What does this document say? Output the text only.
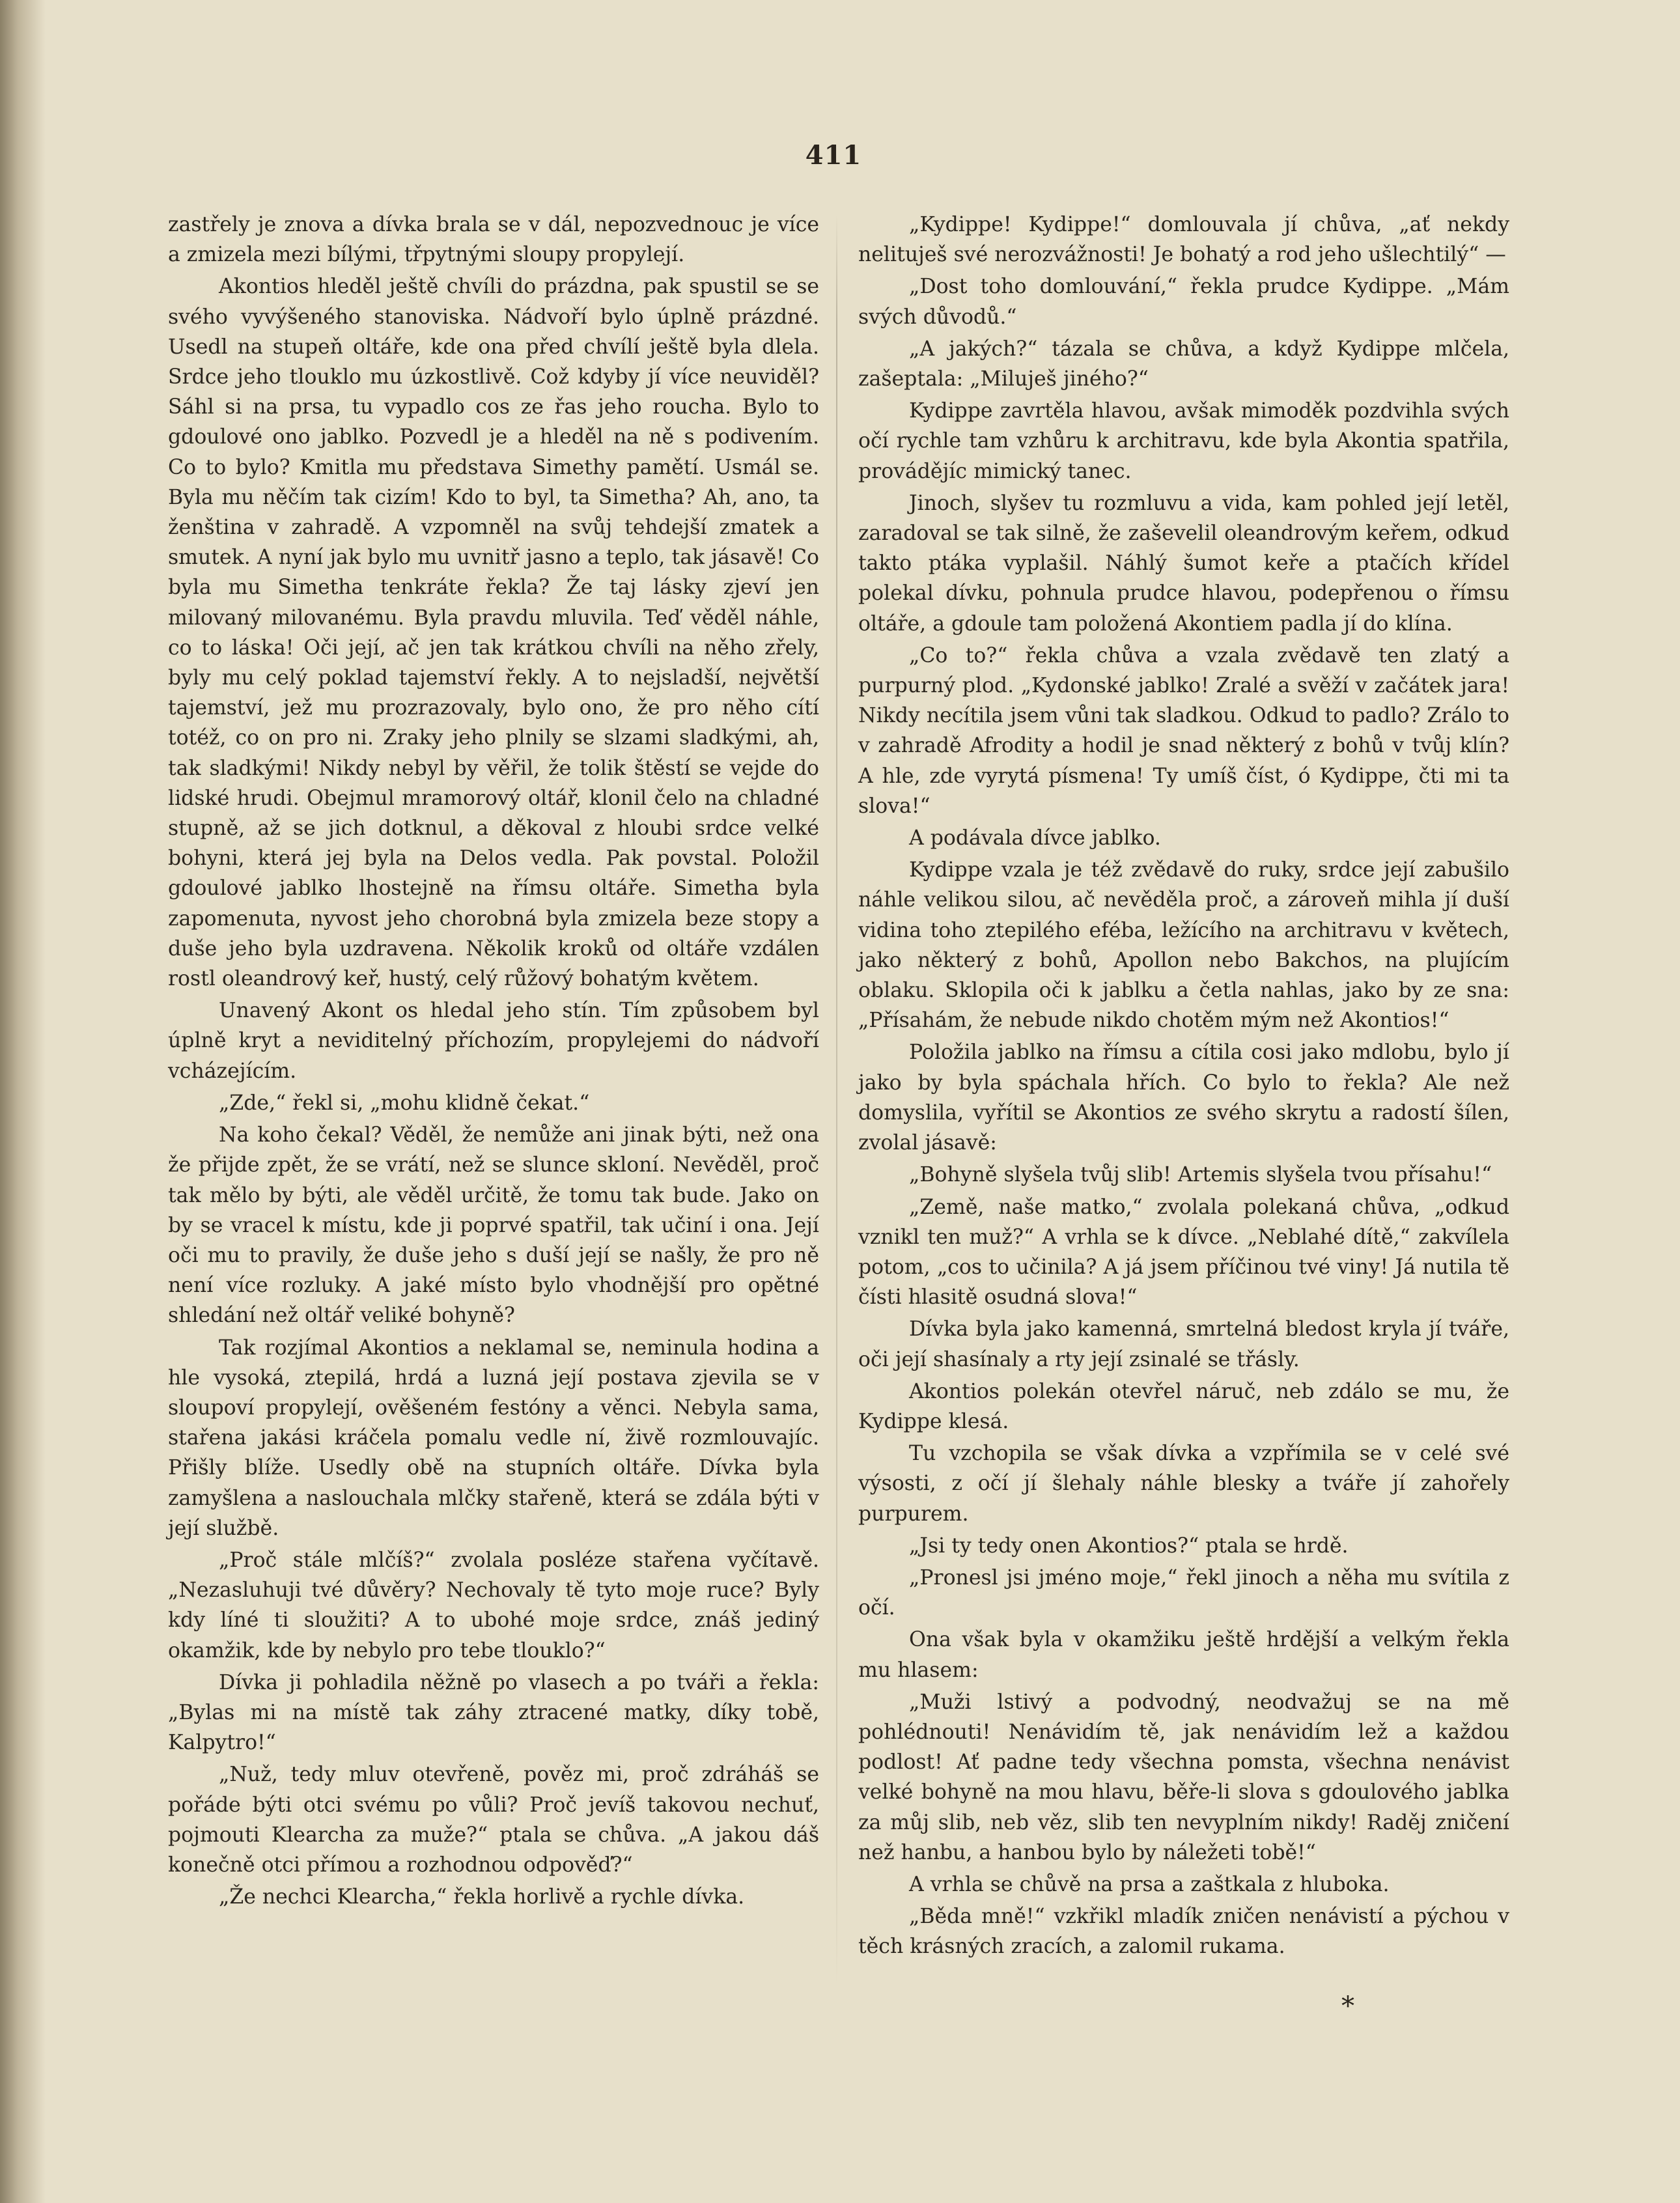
411

zastřely je znova a dívka brala se v dál, nepozvednouc je více a zmizela mezi bílými, třpytnými sloupy propylejí.

Akontios hleděl ještě chvíli do prázdna, pak spustil se se svého vyvýšeného stanoviska. Nádvoří bylo úplně prázdné. Usedl na stupeň oltáře, kde ona před chvílí ještě byla dlela. Srdce jeho tlouklo mu úzkostlivě. Což kdyby jí více neuviděl? Sáhl si na prsa, tu vypadlo cos ze řas jeho roucha. Bylo to gdoulové ono jablko. Pozvedl je a hleděl na ně s podivením. Co to bylo? Kmitla mu představa Simethy pamětí. Usmál se. Byla mu něčím tak cizím! Kdo to byl, ta Simetha? Ah, ano, ta ženština v zahradě. A vzpomněl na svůj tehdejší zmatek a smutek. A nyní jak bylo mu uvnitř jasno a teplo, tak jásavě! Co byla mu Simetha tenkráte řekla? Že taj lásky zjeví jen milovaný milovanému. Byla pravdu mluvila. Teď věděl náhle, co to láska! Oči její, ač jen tak krátkou chvíli na něho zřely, byly mu celý poklad tajemství řekly. A to nejsladší, největší tajemství, jež mu prozrazovaly, bylo ono, že pro něho cítí totéž, co on pro ni. Zraky jeho plnily se slzami sladkými, ah, tak sladkými! Nikdy nebyl by věřil, že tolik štěstí se vejde do lidské hrudi. Obejmul mramorový oltář, klonil čelo na chladné stupně, až se jich dotknul, a děkoval z hloubi srdce velké bohyni, která jej byla na Delos vedla. Pak povstal. Položil gdoulové jablko lhostejně na římsu oltáře. Simetha byla zapomenuta, nyvost jeho chorobná byla zmizela beze stopy a duše jeho byla uzdravena. Několik kroků od oltáře vzdálen rostl oleandrový keř, hustý, celý růžový bohatým květem.

Unavený Akont os hledal jeho stín. Tím způsobem byl úplně kryt a neviditelný příchozím, propylejemi do nádvoří vcházejícím.

„Zde,“ řekl si, „mohu klidně čekat.“

Na koho čekal? Věděl, že nemůže ani jinak býti, než ona že přijde zpět, že se vrátí, než se slunce skloní. Nevěděl, proč tak mělo by býti, ale věděl určitě, že tomu tak bude. Jako on by se vracel k místu, kde ji poprvé spatřil, tak učiní i ona. Její oči mu to pravily, že duše jeho s duší její se našly, že pro ně není více rozluky. A jaké místo bylo vhodnější pro opětné shledání než oltář veliké bohyně?

Tak rozjímal Akontios a neklamal se, neminula hodina a hle vysoká, ztepilá, hrdá a luzná její postava zjevila se v sloupoví propylejí, ověšeném festóny a věnci. Nebyla sama, stařena jakási kráčela pomalu vedle ní, živě rozmlouvajíc. Přišly blíže. Usedly obě na stupních oltáře. Dívka byla zamyšlena a naslouchala mlčky stařeně, která se zdála býti v její službě.

„Proč stále mlčíš?“ zvolala posléze stařena vyčítavě. „Nezasluhuji tvé důvěry? Nechovaly tě tyto moje ruce? Byly kdy líné ti sloužiti? A to ubohé moje srdce, znáš jediný okamžik, kde by nebylo pro tebe tlouklo?“

Dívka ji pohladila něžně po vlasech a po tváři a řekla: „Bylas mi na místě tak záhy ztracené matky, díky tobě, Kalpytro!“

„Nuž, tedy mluv otevřeně, pověz mi, proč zdráháš se pořáde býti otci svému po vůli? Proč jevíš takovou nechuť, pojmouti Klearcha za muže?“ ptala se chůva. „A jakou dáš konečně otci přímou a rozhodnou odpověď?“

„Že nechci Klearcha,“ řekla horlivě a rychle dívka.

„Kydippe! Kydippe!“ domlouvala jí chůva, „ať nekdy nelituješ své nerozvážnosti! Je bohatý a rod jeho ušlechtilý“ —

„Dost toho domlouvání,“ řekla prudce Kydippe. „Mám svých důvodů.“

„A jakých?“ tázala se chůva, a když Kydippe mlčela, zašeptala: „Miluješ jiného?“

Kydippe zavrtěla hlavou, avšak mimoděk pozdvihla svých očí rychle tam vzhůru k architravu, kde byla Akontia spatřila, provádějíc mimický tanec.

Jinoch, slyšev tu rozmluvu a vida, kam pohled její letěl, zaradoval se tak silně, že zaševelil oleandrovým keřem, odkud takto ptáka vyplašil. Náhlý šumot keře a ptačích křídel polekal dívku, pohnula prudce hlavou, podepřenou o římsu oltáře, a gdoule tam položená Akontiem padla jí do klína.

„Co to?“ řekla chůva a vzala zvědavě ten zlatý a purpurný plod. „Kydonské jablko! Zralé a svěží v začátek jara! Nikdy necítila jsem vůni tak sladkou. Odkud to padlo? Zrálo to v zahradě Afrodity a hodil je snad některý z bohů v tvůj klín? A hle, zde vyrytá písmena! Ty umíš číst, ó Kydippe, čti mi ta slova!“

A podávala dívce jablko.

Kydippe vzala je též zvědavě do ruky, srdce její zabušilo náhle velikou silou, ač nevěděla proč, a zároveň mihla jí duší vidina toho ztepilého eféba, ležícího na architravu v květech, jako některý z bohů, Apollon nebo Bakchos, na plujícím oblaku. Sklopila oči k jablku a četla nahlas, jako by ze sna: „Přísahám, že nebude nikdo chotěm mým než Akontios!“

Položila jablko na římsu a cítila cosi jako mdlobu, bylo jí jako by byla spáchala hřích. Co bylo to řekla? Ale než domyslila, vyřítil se Akontios ze svého skrytu a radostí šílen, zvolal jásavě:

„Bohyně slyšela tvůj slib! Artemis slyšela tvou přísahu!“

„Země, naše matko,“ zvolala polekaná chůva, „odkud vznikl ten muž?“ A vrhla se k dívce. „Neblahé dítě,“ zakvílela potom, „cos to učinila? A já jsem příčinou tvé viny! Já nutila tě čísti hlasitě osudná slova!“

Dívka byla jako kamenná, smrtelná bledost kryla jí tváře, oči její shasínaly a rty její zsinalé se třásly.

Akontios polekán otevřel náruč, neb zdálo se mu, že Kydippe klesá.

Tu vzchopila se však dívka a vzpřímila se v celé své výsosti, z očí jí šlehaly náhle blesky a tváře jí zahořely purpurem.

„Jsi ty tedy onen Akontios?“ ptala se hrdě.

„Pronesl jsi jméno moje,“ řekl jinoch a něha mu svítila z očí.

Ona však byla v okamžiku ještě hrdější a velkým řekla mu hlasem:

„Muži lstivý a podvodný, neodvažuj se na mě pohlédnouti! Nenávidím tě, jak nenávidím lež a každou podlost! Ať padne tedy všechna pomsta, všechna nenávist velké bohyně na mou hlavu, běře-li slova s gdoulového jablka za můj slib, neb věz, slib ten nevyplním nikdy! Raděj zničení než hanbu, a hanbou bylo by náležeti tobě!“

A vrhla se chůvě na prsa a zaštkala z hluboka.

„Běda mně!“ vzkřikl mladík zničen nenávistí a pýchou v těch krásných zracích, a zalomil rukama.

*
